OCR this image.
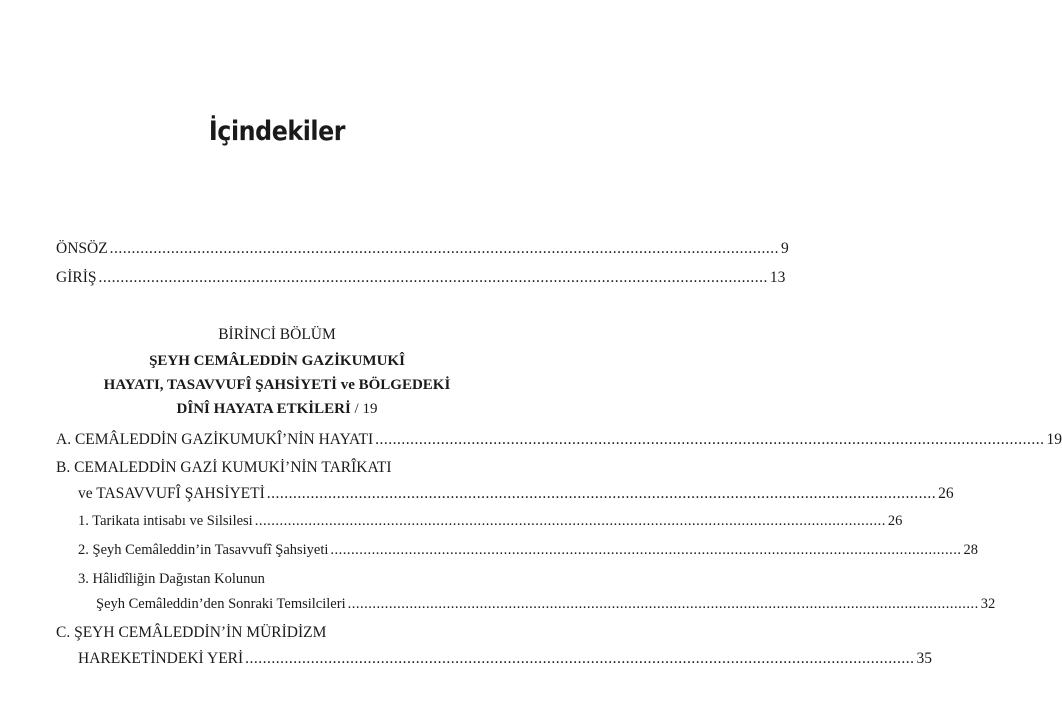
İçindekiler
ÖNSÖZ ......................................................................................................................................................... 9
GİRİŞ ......................................................................................................................................................... 13
BİRİNCİ BÖLÜM
ŞEYH CEMÂLEDDİN GAZİKUMUKÎ
HAYATI, TASAVVUFÎ ŞAHSİYETİ ve BÖLGEDEKİ
DÎNÎ HAYATA ETKİLERİ / 19
A. CEMÂLEDDİN GAZİKUMUKÎ’NİN HAYATI ......................................................................................................................................................... 19
B. CEMALEDDİN GAZİ KUMUKİ’NİN TARÎKATI
ve TASAVVUFÎ ŞAHSİYETİ ......................................................................................................................................................... 26
1. Tarikata intisabı ve Silsilesi ......................................................................................................................................................... 26
2. Şeyh Cemâleddin’in Tasavvufî Şahsiyeti ......................................................................................................................................................... 28
3. Hâlidîliğin Dağıstan Kolunun
Şeyh Cemâleddin’den Sonraki Temsilcileri ......................................................................................................................................................... 32
C. ŞEYH CEMÂLEDDİN’İN MÜRİDİZM
HAREKETİNDEKİ YERİ ......................................................................................................................................................... 35
